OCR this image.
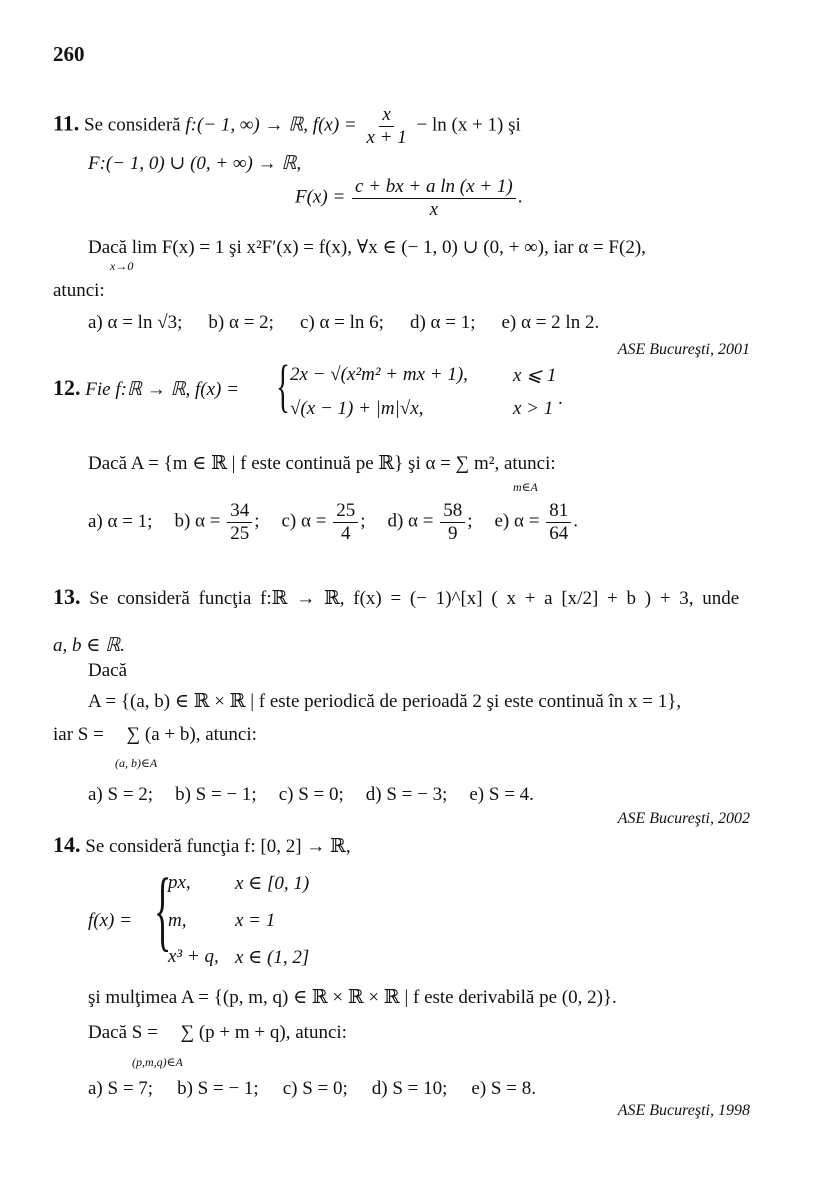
260
11. Se consideră f:(− 1, ∞) → ℝ, $f(x) = \frac{x}{x + 1} - \ln (x + 1)$ şi
F:(− 1, 0) ∪ (0, + ∞) → ℝ,
$F(x) = \frac{\text{c + bx + a ln (x + 1)}}{x}$ .
Dacă lim F(x) = 1 şi x²F′(x) = f(x), ∀x ∈ (− 1, 0) ∪ (0, + ∞), iar α = F(2),
x→0
atunci:
a) α = ln √3; b) α = 2; c) α = ln 6; d) α = 1; e) α = 2 ln 2.
ASE Bucureşti, 2001
12. Fie f:ℝ → ℝ, f(x) = { 2x − √(x²m² + mx + 1), x ⩽ 1
√(x − 1) + |m|√x,	x > 1 .
Dacă A = {m ∈ ℝ | f este continuă pe ℝ} şi α = ∑ m², atunci:
m∈A
a) α = 1; b) $\alpha = \frac{34}{25}$ ; c) $\alpha = \frac{25}{4}$ ; d) $\alpha = \frac{58}{9}$ ; e) $\alpha = \frac{81}{64}$ .
13. Se consideră funcţia f:ℝ → ℝ, f(x) = (− 1)^[x] ( x + a [x/2] + b ) + 3, unde
a, b ∈ ℝ.
Dacă
A = {(a, b) ∈ ℝ × ℝ | f este periodică de perioadă 2 şi este continuă în x = 1},
iar S = ∑ (a + b), atunci:
(a, b)∈A
a) S = 2; b) S = − 1; c) S = 0; d) S = − 3; e) S = 4.
ASE Bucureşti, 2002
14. Se consideră funcţia f: [0, 2] → ℝ,
f(x) = {
px, x ∈ [0, 1)
m,	x = 1
x³ + q, x ∈ (1, 2]
şi mulţimea A = {(p, m, q) ∈ ℝ × ℝ × ℝ | f este derivabilă pe (0, 2)}.
Dacă S = ∑ (p + m + q), atunci:
(p,m,q)∈A
a) S = 7; b) S = − 1; c) S = 0; d) S = 10; e) S = 8.
ASE Bucureşti, 1998
